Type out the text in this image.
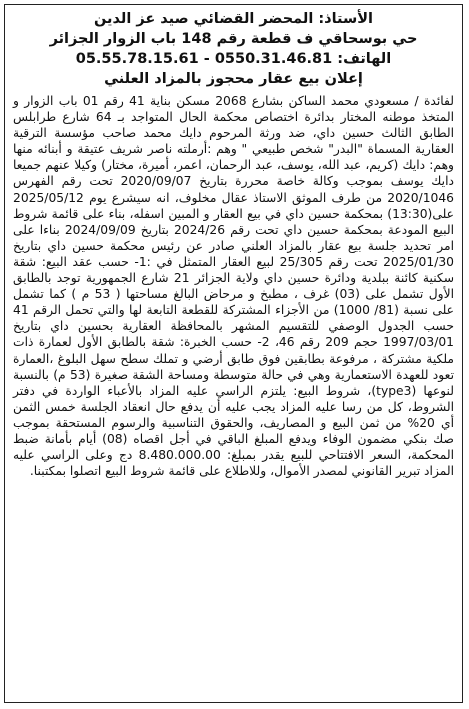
الأستاذ: المحضر القضائي صيد عز الدين
حي بوسحاقي ف قطعة رقم 148 باب الزوار الجزائر
الهاتف: 0550.31.46.81 - 05.55.78.15.61
إعلان بيع عقار محجوز بالمزاد العلني

لفائدة / مسعودي محمد الساكن بشارع 2068 مسكن بناية 41 رقم 01 باب الزوار و المتخذ موطنه المختار بدائرة اختصاص محكمة الحال المتواجد بـ 64 شارع طرابلس الطابق الثالث حسين داي، ضد ورثة المرحوم دايك محمد صاحب مؤسسة الترقية العقارية المسماة "البدر" شخص طبيعي " وهم :أرملته ناصر شريف عتيقة و أبنائه منها وهم: دايك (كريم، عبد الله، يوسف، عبد الرحمان، اعمر، أميرة، مختار) وكيلا عنهم جميعا دايك يوسف بموجب وكالة خاصة محررة بتاريخ 2020/09/07 تحت رقم الفهرس 2020/1046 من طرف الموثق الاستاذ عقال مخلوف، انه سيشرع يوم 2025/05/12 على(13:30) بمحكمة حسين داي في بيع العقار و المبين اسفله، بناء على قائمة شروط البيع المودعة بمحكمة حسين داي تحت رقم 2024/26 بتاريخ 2024/09/09 بناءا على امر تحديد جلسة بيع عقار بالمزاد العلني صادر عن رئيس محكمة حسين داي بتاريخ 2025/01/30 تحت رقم 25/305 لبيع العقار المتمثل في :1- حسب عقد البيع: شقة سكنية كائنة ببلدية ودائرة حسين داي ولاية الجزائر 21 شارع الجمهورية توجد بالطابق الأول تشمل على (03) غرف ، مطبخ و مرحاض البالغ مساحتها ( 53 م ) كما تشمل على نسبة (81/ 1000) من الأجزاء المشتركة للقطعة التابعة لها والتي تحمل الرقم 41 حسب الجدول الوصفي للتقسيم المشهر بالمحافظة العقارية بحسين داي بتاريخ 1997/03/01 حجم 209 رقم 46، 2- حسب الخبرة: شقة بالطابق الأول لعمارة ذات ملكية مشتركة ، مرفوعة بطابقين فوق طابق أرضي و تملك سطح سهل البلوغ ،العمارة تعود للعهدة الاستعمارية وهي في حالة متوسطة ومساحة الشقة صغيرة (53 م) بالنسبة لنوعها (type3)، شروط البيع: يلتزم الراسي عليه المزاد بالأعباء الواردة في دفتر الشروط، كل من رسا عليه المزاد يجب عليه أن يدفع حال انعقاد الجلسة خمس الثمن أي 20% من ثمن البيع و المصاريف، والحقوق التناسبية والرسوم المستحقة بموجب صك بنكي مضمون الوفاء ويدفع المبلغ الباقي في أجل اقصاه (08) أيام بأمانة ضبط المحكمة، السعر الافتتاحي للبيع يقدر بمبلغ: 8.480.000.00 دج وعلى الراسي عليه المزاد تبرير القانوني لمصدر الأموال، وللاطلاع على قائمة شروط البيع اتصلوا بمكتبنا.
